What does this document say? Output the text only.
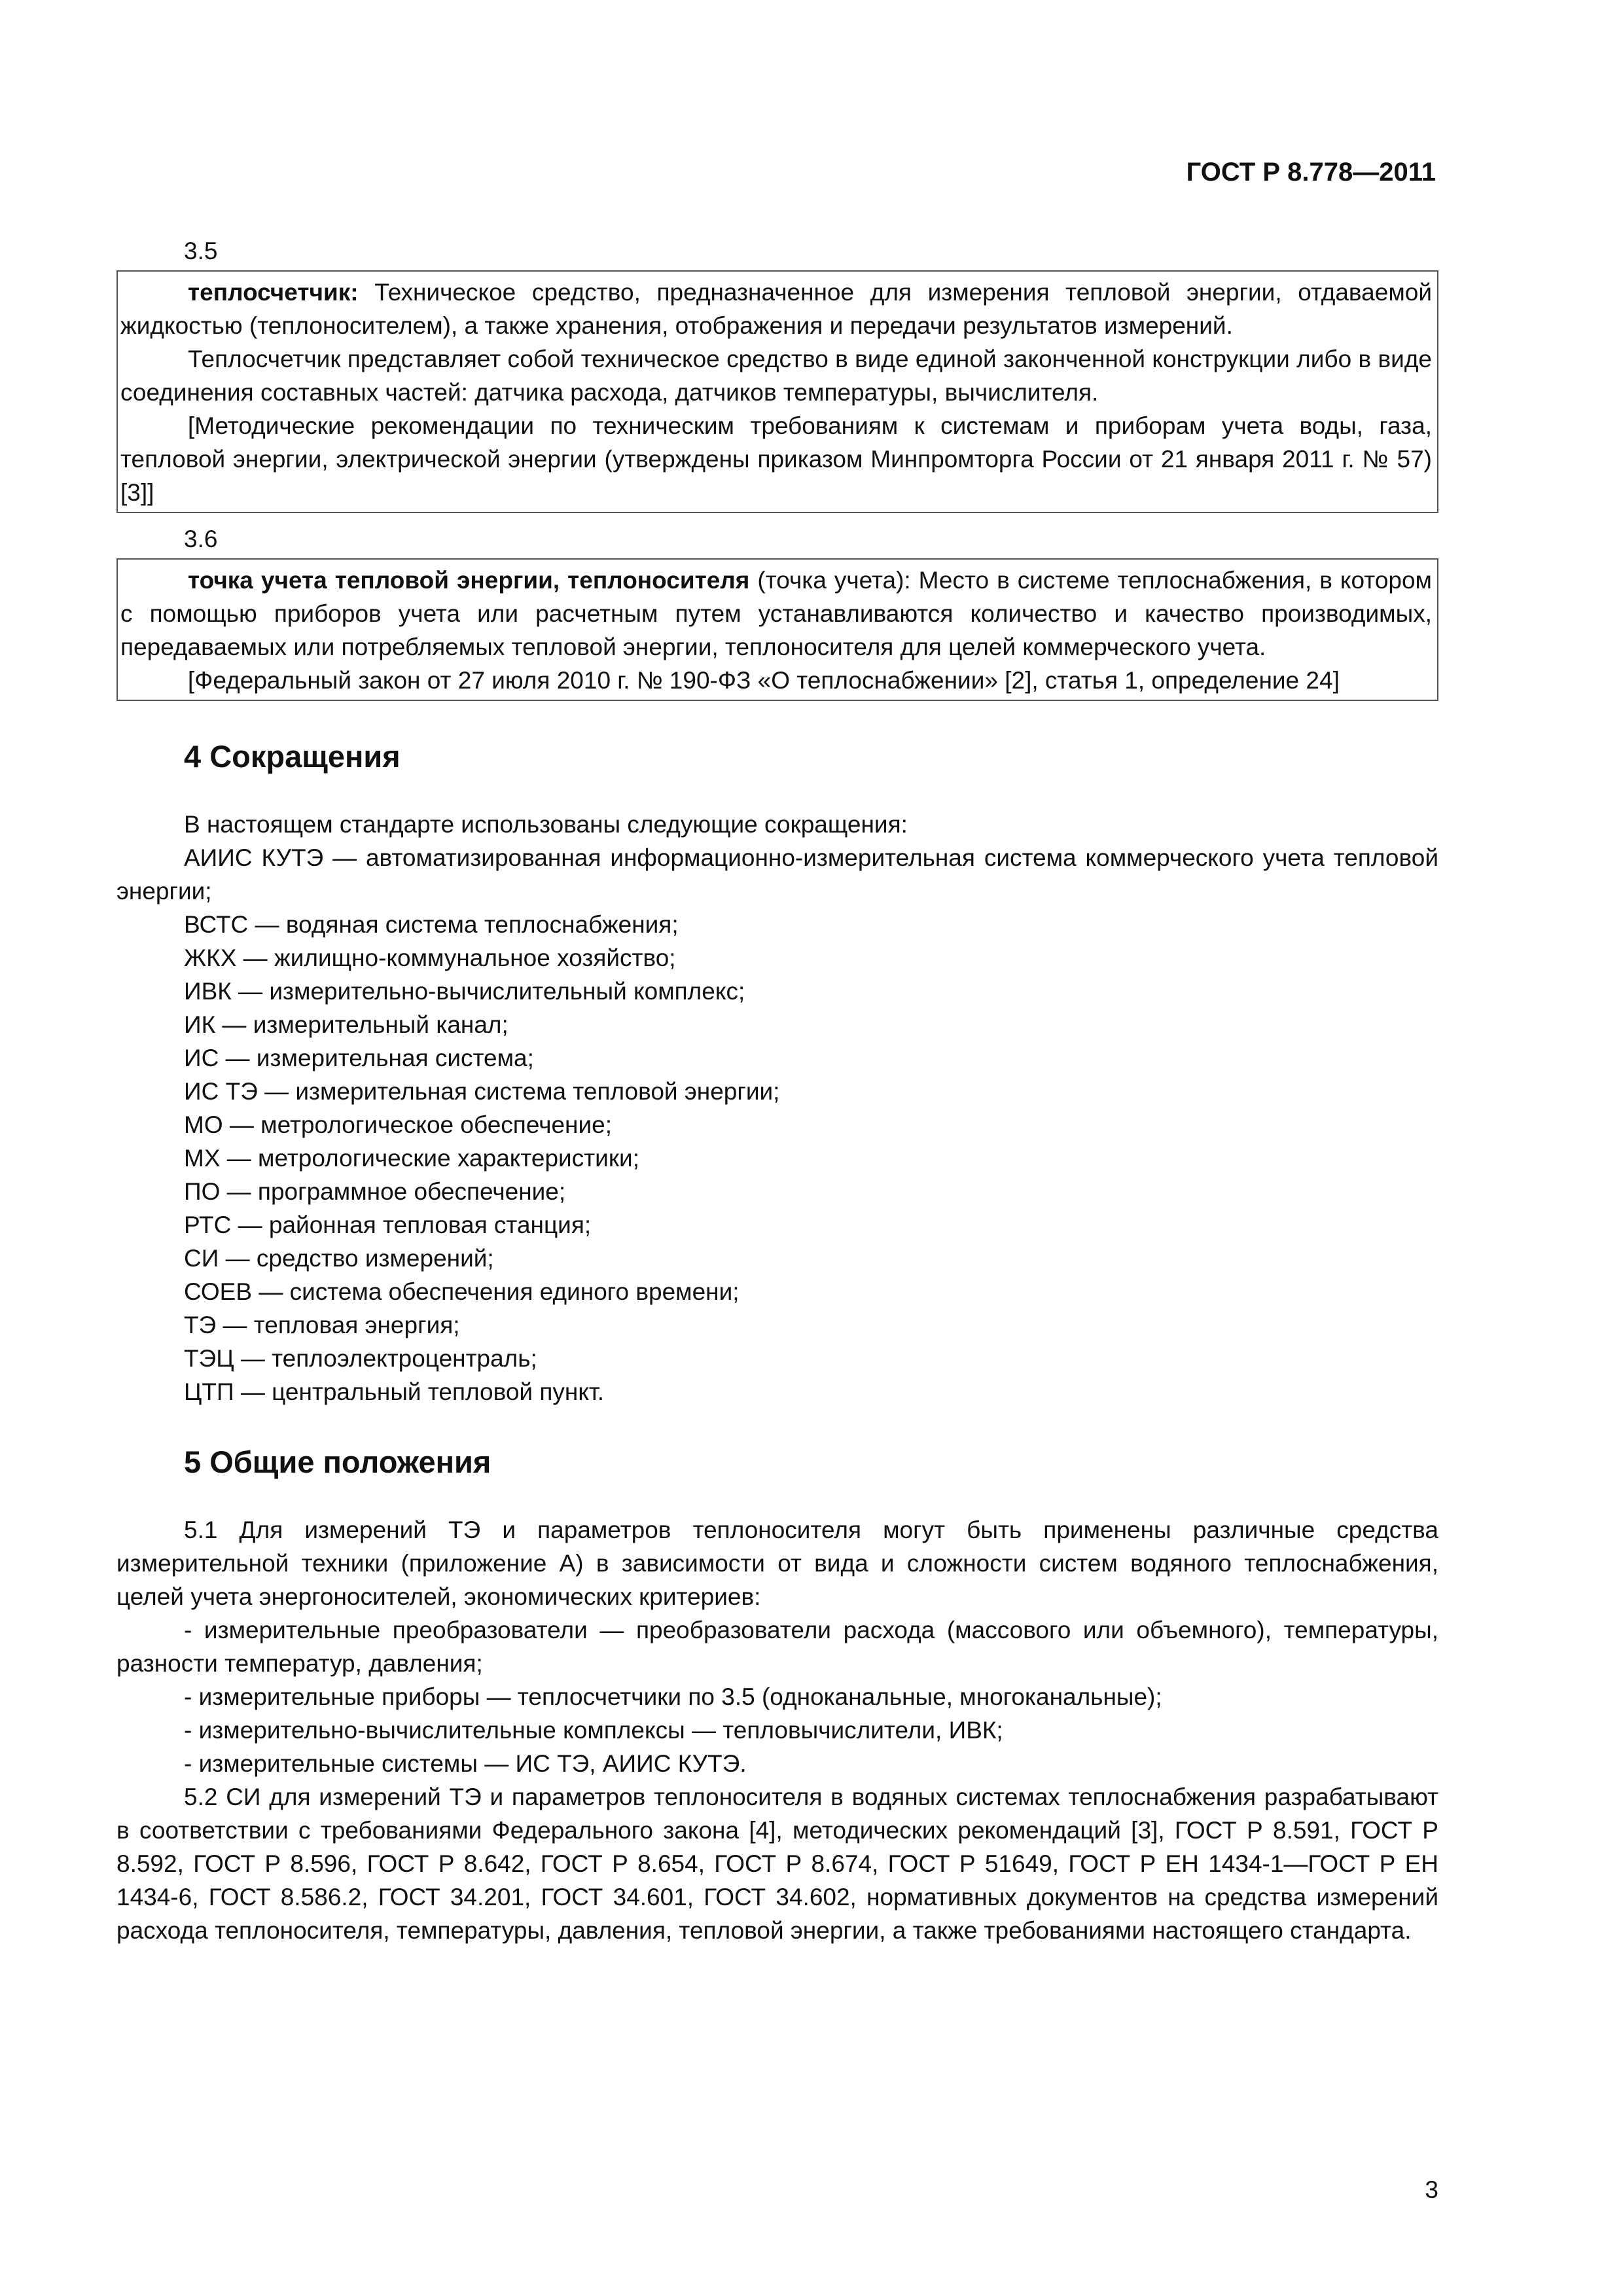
ГОСТ Р 8.778—2011

3.5

теплосчетчик: Техническое средство, предназначенное для измерения тепловой энергии, отдаваемой жидкостью (теплоносителем), а также хранения, отображения и передачи результатов измерений.

Теплосчетчик представляет собой техническое средство в виде единой законченной конструкции либо в виде соединения составных частей: датчика расхода, датчиков температуры, вычислителя.

[Методические рекомендации по техническим требованиям к системам и приборам учета воды, газа, тепловой энергии, электрической энергии (утверждены приказом Минпромторга России от 21 января 2011 г. № 57) [3]]

3.6

точка учета тепловой энергии, теплоносителя (точка учета): Место в системе теплоснабжения, в котором с помощью приборов учета или расчетным путем устанавливаются количество и качество производимых, передаваемых или потребляемых тепловой энергии, теплоносителя для целей коммерческого учета.

[Федеральный закон от 27 июля 2010 г. № 190-ФЗ «О теплоснабжении» [2], статья 1, определение 24]

4 Сокращения

В настоящем стандарте использованы следующие сокращения:

АИИС КУТЭ — автоматизированная информационно-измерительная система коммерческого учета тепловой энергии;
ВСТС — водяная система теплоснабжения;
ЖКХ — жилищно-коммунальное хозяйство;
ИВК — измерительно-вычислительный комплекс;
ИК — измерительный канал;
ИС — измерительная система;
ИС ТЭ — измерительная система тепловой энергии;
МО — метрологическое обеспечение;
МХ — метрологические характеристики;
ПО — программное обеспечение;
РТС — районная тепловая станция;
СИ — средство измерений;
СОЕВ — система обеспечения единого времени;
ТЭ — тепловая энергия;
ТЭЦ — теплоэлектроцентраль;
ЦТП — центральный тепловой пункт.
5 Общие положения

5.1 Для измерений ТЭ и параметров теплоносителя могут быть применены различные средства измерительной техники (приложение А) в зависимости от вида и сложности систем водяного теплоснабжения, целей учета энергоносителей, экономических критериев:

- измерительные преобразователи — преобразователи расхода (массового или объемного), температуры, разности температур, давления;

- измерительные приборы — теплосчетчики по 3.5 (одноканальные, многоканальные);

- измерительно-вычислительные комплексы — тепловычислители, ИВК;

- измерительные системы — ИС ТЭ, АИИС КУТЭ.

5.2 СИ для измерений ТЭ и параметров теплоносителя в водяных системах теплоснабжения разрабатывают в соответствии с требованиями Федерального закона [4], методических рекомендаций [3], ГОСТ Р 8.591, ГОСТ Р 8.592, ГОСТ Р 8.596, ГОСТ Р 8.642, ГОСТ Р 8.654, ГОСТ Р 8.674, ГОСТ Р 51649, ГОСТ Р ЕН 1434-1—ГОСТ Р ЕН 1434-6, ГОСТ 8.586.2, ГОСТ 34.201, ГОСТ 34.601, ГОСТ 34.602, нормативных документов на средства измерений расхода теплоносителя, температуры, давления, тепловой энергии, а также требованиями настоящего стандарта.

3
